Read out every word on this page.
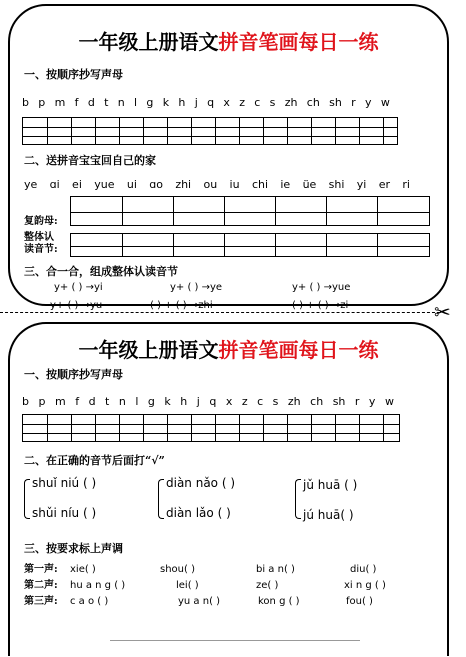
一年级上册语文拼音笔画每日一练
一、按顺序抄写声母
b p m f d t n l g k h j q x z c s zh ch sh r y w
二、送拼音宝宝回自己的家
ye ɑi ei yue ui ɑo zhi ou iu chi ie üe shi yi er ri
复韵母:
整体认
读音节:
三、合一合，组成整体认读音节
y+ ( ) →yi	y+ ( ) →ye	y+ ( ) →yue
y+ ( ) →yu	( ) + ( ) →zhi	( ) + ( ) →zi	✂
一年级上册语文拼音笔画每日一练
一、按顺序抄写声母
b p m f d t n l g k h j q x z c s zh ch sh r y w
二、在正确的音节后面打“√”
shuǐ niú ( )
shǔi níu ( )
diàn nǎo ( )
diàn lǎo ( )
jǔ huā ( )
jú huā( )
三、按要求标上声调
第一声: xie( )	shou( )	bi a n( )	diu( )
第二声: hu a n g ( )	lei( )	ze( )	xi n g ( )
第三声: c a o ( )	yu a n( )	kon g ( )	fou( )
